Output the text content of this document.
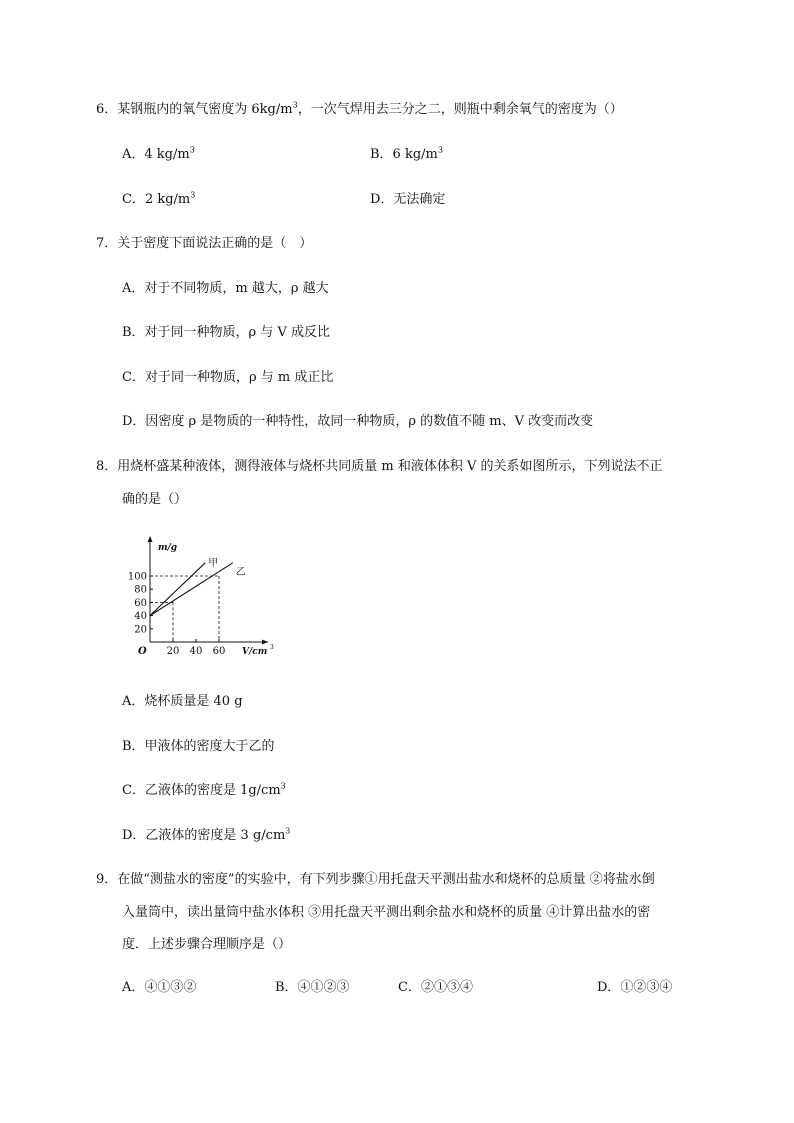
6．某钢瓶内的氧气密度为 $6kg/m^3$，一次气焊用去三分之二，则瓶中剩余氧气的密度为（）
A．4 $kg/m^3$	B．6 $kg/m^3$
C．2 $kg/m^3$	D．无法确定
7．关于密度下面说法正确的是（　）
A．对于不同物质，m 越大，ρ 越大
B．对于同一种物质，ρ 与 V 成反比
C．对于同一种物质，ρ 与 m 成正比
D．因密度 ρ 是物质的一种特性，故同一种物质，ρ 的数值不随 m、V 改变而改变
8．用烧杯盛某种液体，测得液体与烧杯共同质量 m 和液体体积 V 的关系如图所示，下列说法不正
确的是（）
m/g
V/cm 3
O
20
40
60
80
100
20 40 60
甲
乙
A．烧杯质量是 40 g
B．甲液体的密度大于乙的
C．乙液体的密度是 $1g/cm^3$
D．乙液体的密度是 3 $g/cm^3$
9．在做“测盐水的密度”的实验中，有下列步骤①用托盘天平测出盐水和烧杯的总质量 ②将盐水倒
入量筒中，读出量筒中盐水体积 ③用托盘天平测出剩余盐水和烧杯的质量 ④计算出盐水的密
度．上述步骤合理顺序是（）
A．④①③②	B．④①②③	C．②①③④	D．①②③④
